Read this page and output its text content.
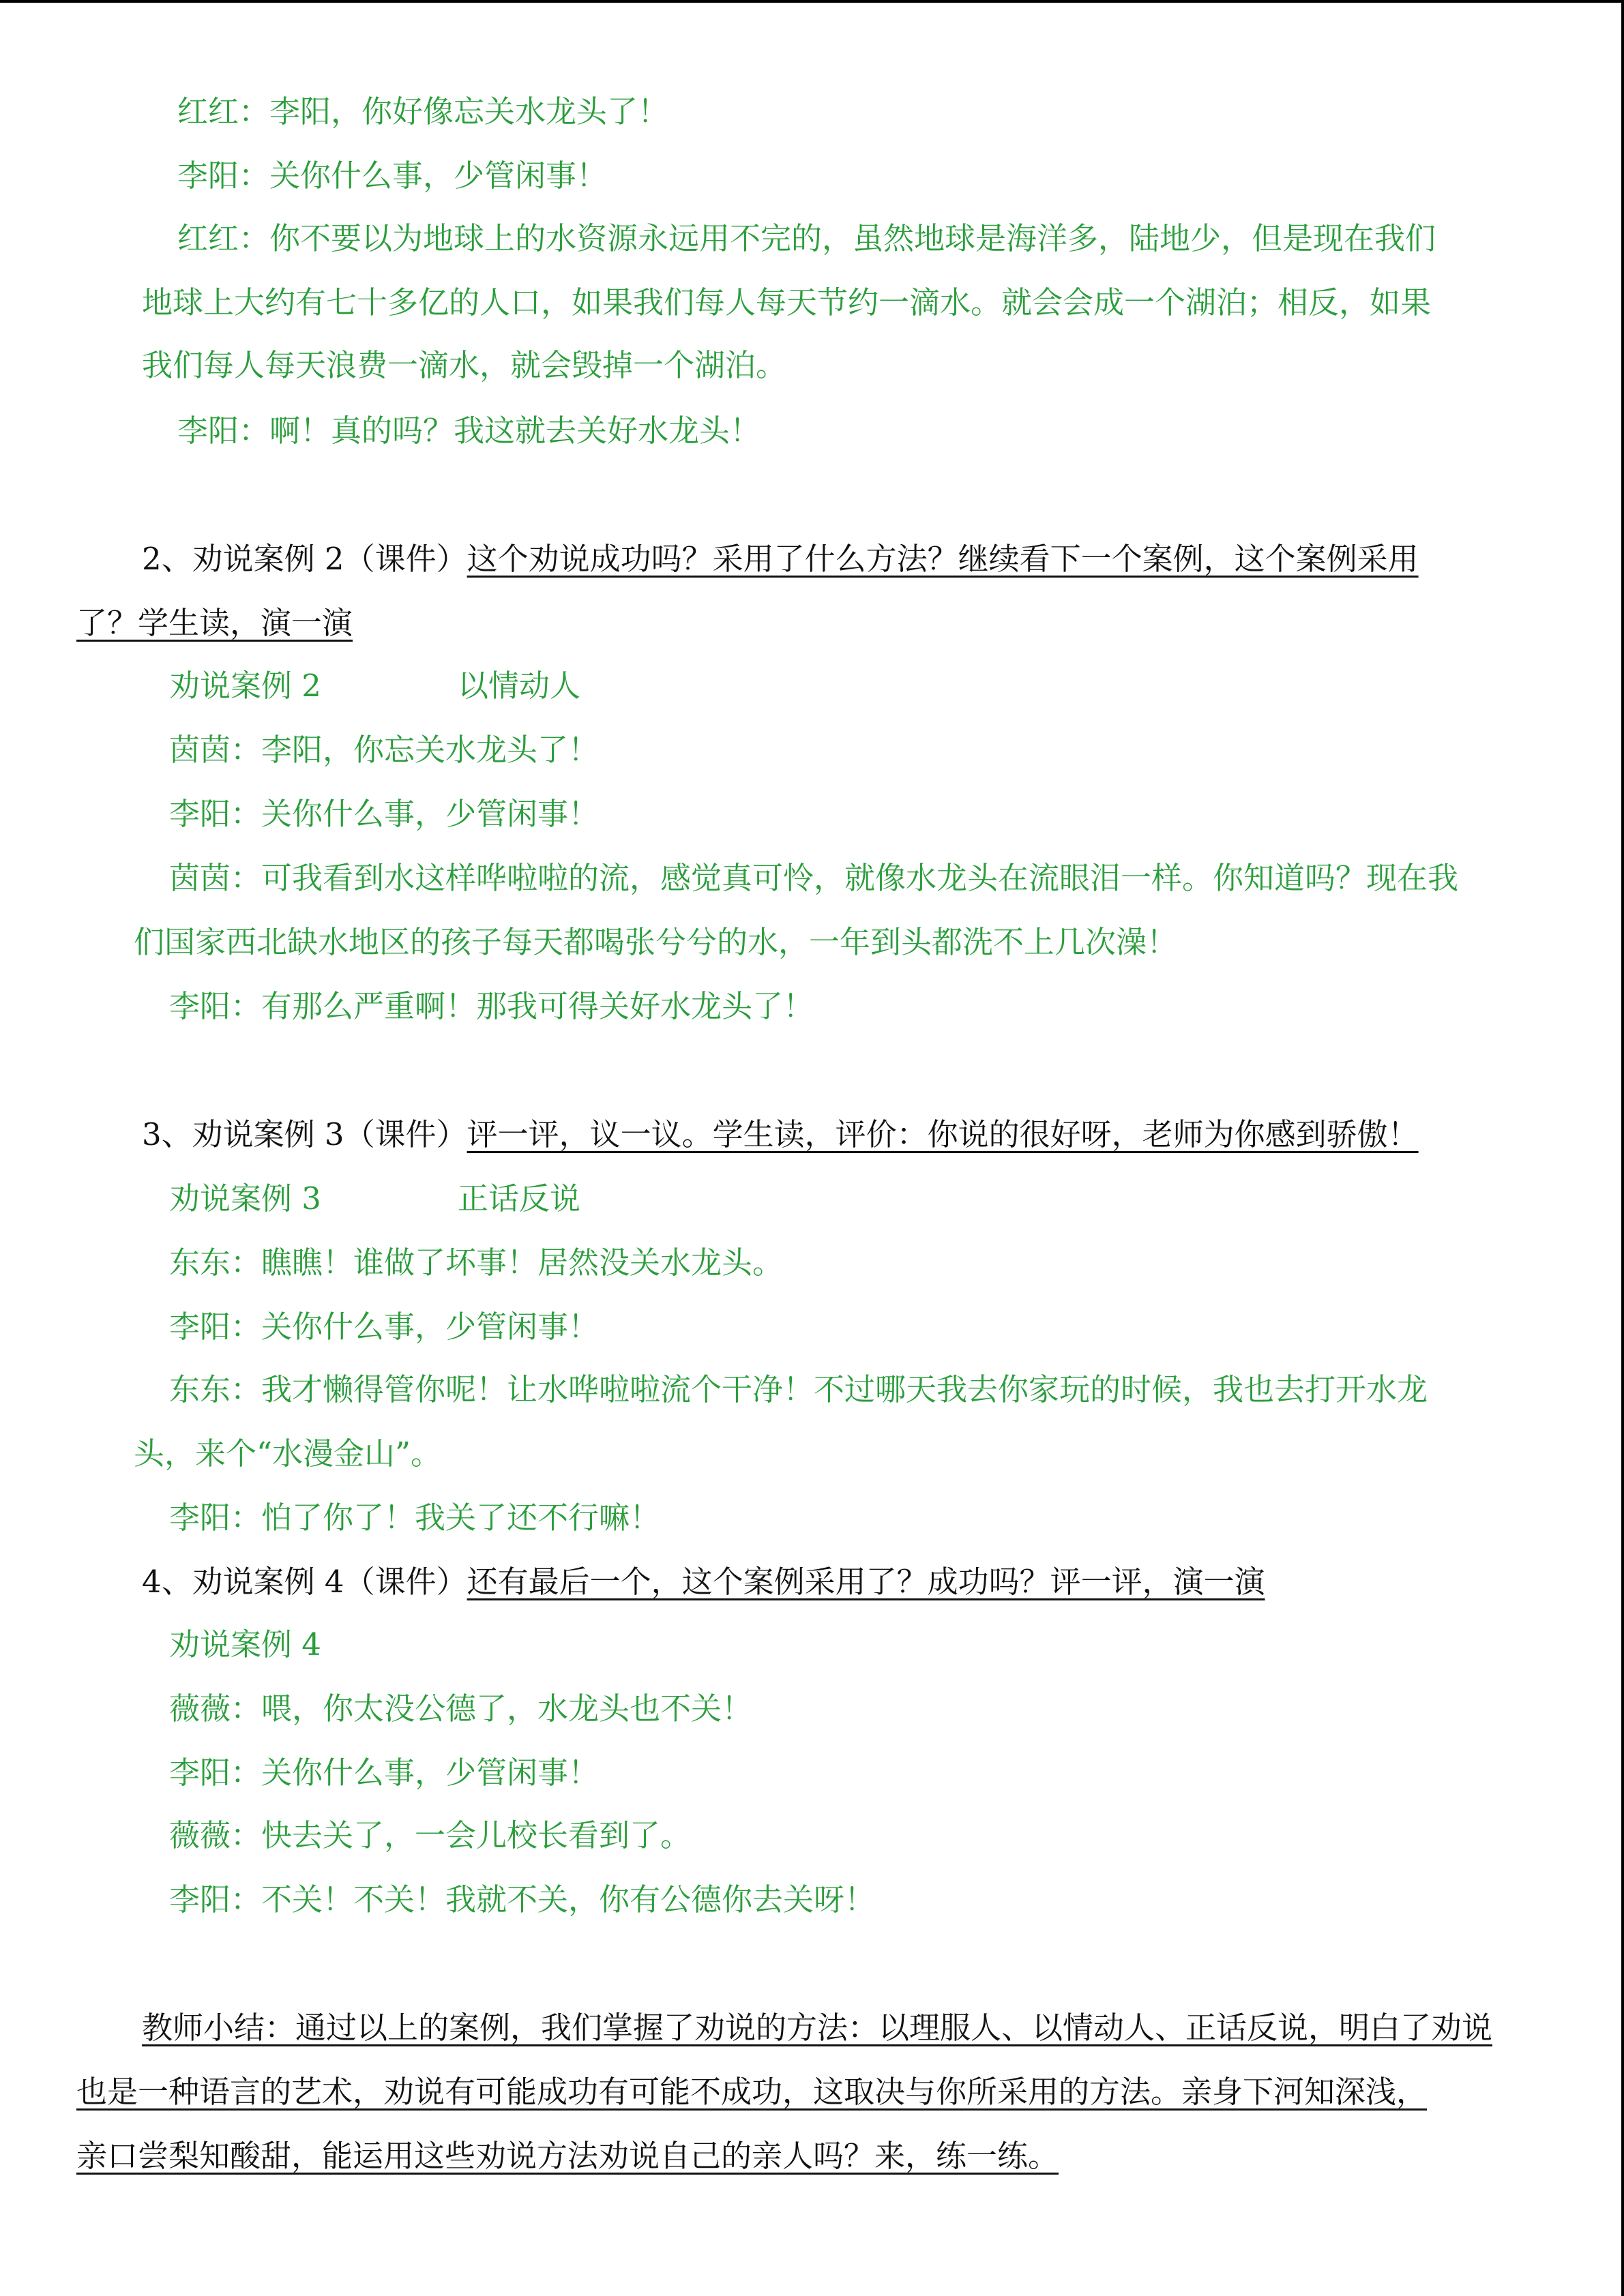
红红：李阳，你好像忘关水龙头了！
李阳：关你什么事，少管闲事！
红红：你不要以为地球上的水资源永远用不完的，虽然地球是海洋多，陆地少，但是现在我们
地球上大约有七十多亿的人口，如果我们每人每天节约一滴水。就会会成一个湖泊；相反，如果
我们每人每天浪费一滴水，就会毁掉一个湖泊。
李阳：啊！真的吗？我这就去关好水龙头！
2、劝说案例 2（课件）这个劝说成功吗？采用了什么方法？继续看下一个案例，这个案例采用
了？学生读，演一演
劝说案例 2	以情动人
茵茵：李阳，你忘关水龙头了！
李阳：关你什么事，少管闲事！
茵茵：可我看到水这样哗啦啦的流，感觉真可怜，就像水龙头在流眼泪一样。你知道吗？现在我
们国家西北缺水地区的孩子每天都喝张兮兮的水，一年到头都洗不上几次澡！
李阳：有那么严重啊！那我可得关好水龙头了！
3、劝说案例 3（课件）评一评，议一议。学生读，评价：你说的很好呀，老师为你感到骄傲！
劝说案例 3	正话反说
东东：瞧瞧！谁做了坏事！居然没关水龙头。
李阳：关你什么事，少管闲事！
东东：我才懒得管你呢！让水哗啦啦流个干净！不过哪天我去你家玩的时候，我也去打开水龙
头，来个“水漫金山”。
李阳：怕了你了！我关了还不行嘛！
4、劝说案例 4（课件）还有最后一个，这个案例采用了？成功吗？评一评，演一演
劝说案例 4
薇薇：喂，你太没公德了，水龙头也不关！
李阳：关你什么事，少管闲事！
薇薇：快去关了，一会儿校长看到了。
李阳：不关！不关！我就不关，你有公德你去关呀！
教师小结：通过以上的案例，我们掌握了劝说的方法：以理服人、以情动人、正话反说，明白了劝说
也是一种语言的艺术，劝说有可能成功有可能不成功，这取决与你所采用的方法。亲身下河知深浅，
亲口尝梨知酸甜，能运用这些劝说方法劝说自己的亲人吗？来，练一练。
